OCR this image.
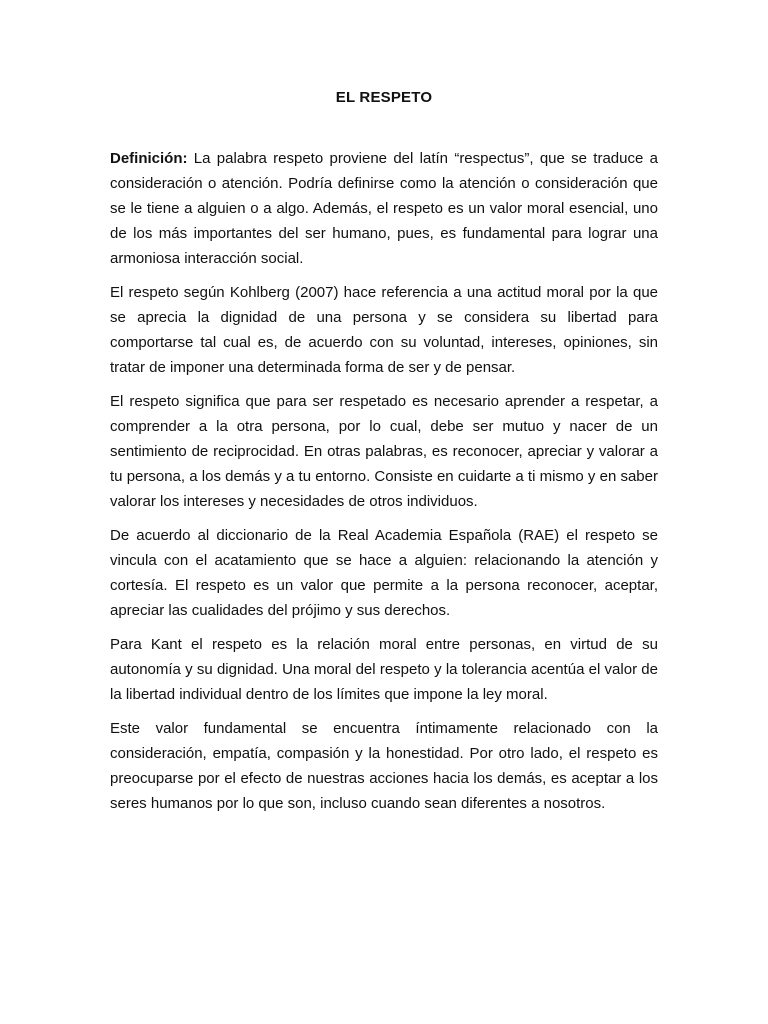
EL RESPETO

Definición: La palabra respeto proviene del latín “respectus”, que se traduce a consideración o atención. Podría definirse como la atención o consideración que se le tiene a alguien o a algo. Además, el respeto es un valor moral esencial, uno de los más importantes del ser humano, pues, es fundamental para lograr una armoniosa interacción social.

El respeto según Kohlberg (2007) hace referencia a una actitud moral por la que se aprecia la dignidad de una persona y se considera su libertad para comportarse tal cual es, de acuerdo con su voluntad, intereses, opiniones, sin tratar de imponer una determinada forma de ser y de pensar.

El respeto significa que para ser respetado es necesario aprender a respetar, a comprender a la otra persona, por lo cual, debe ser mutuo y nacer de un sentimiento de reciprocidad. En otras palabras, es reconocer, apreciar y valorar a tu persona, a los demás y a tu entorno. Consiste en cuidarte a ti mismo y en saber valorar los intereses y necesidades de otros individuos.

De acuerdo al diccionario de la Real Academia Española (RAE) el respeto se vincula con el acatamiento que se hace a alguien: relacionando la atención y cortesía. El respeto es un valor que permite a la persona reconocer, aceptar, apreciar las cualidades del prójimo y sus derechos.

Para Kant el respeto es la relación moral entre personas, en virtud de su autonomía y su dignidad. Una moral del respeto y la tolerancia acentúa el valor de la libertad individual dentro de los límites que impone la ley moral.

Este valor fundamental se encuentra íntimamente relacionado con la consideración, empatía, compasión y la honestidad. Por otro lado, el respeto es preocuparse por el efecto de nuestras acciones hacia los demás, es aceptar a los seres humanos por lo que son, incluso cuando sean diferentes a nosotros.
